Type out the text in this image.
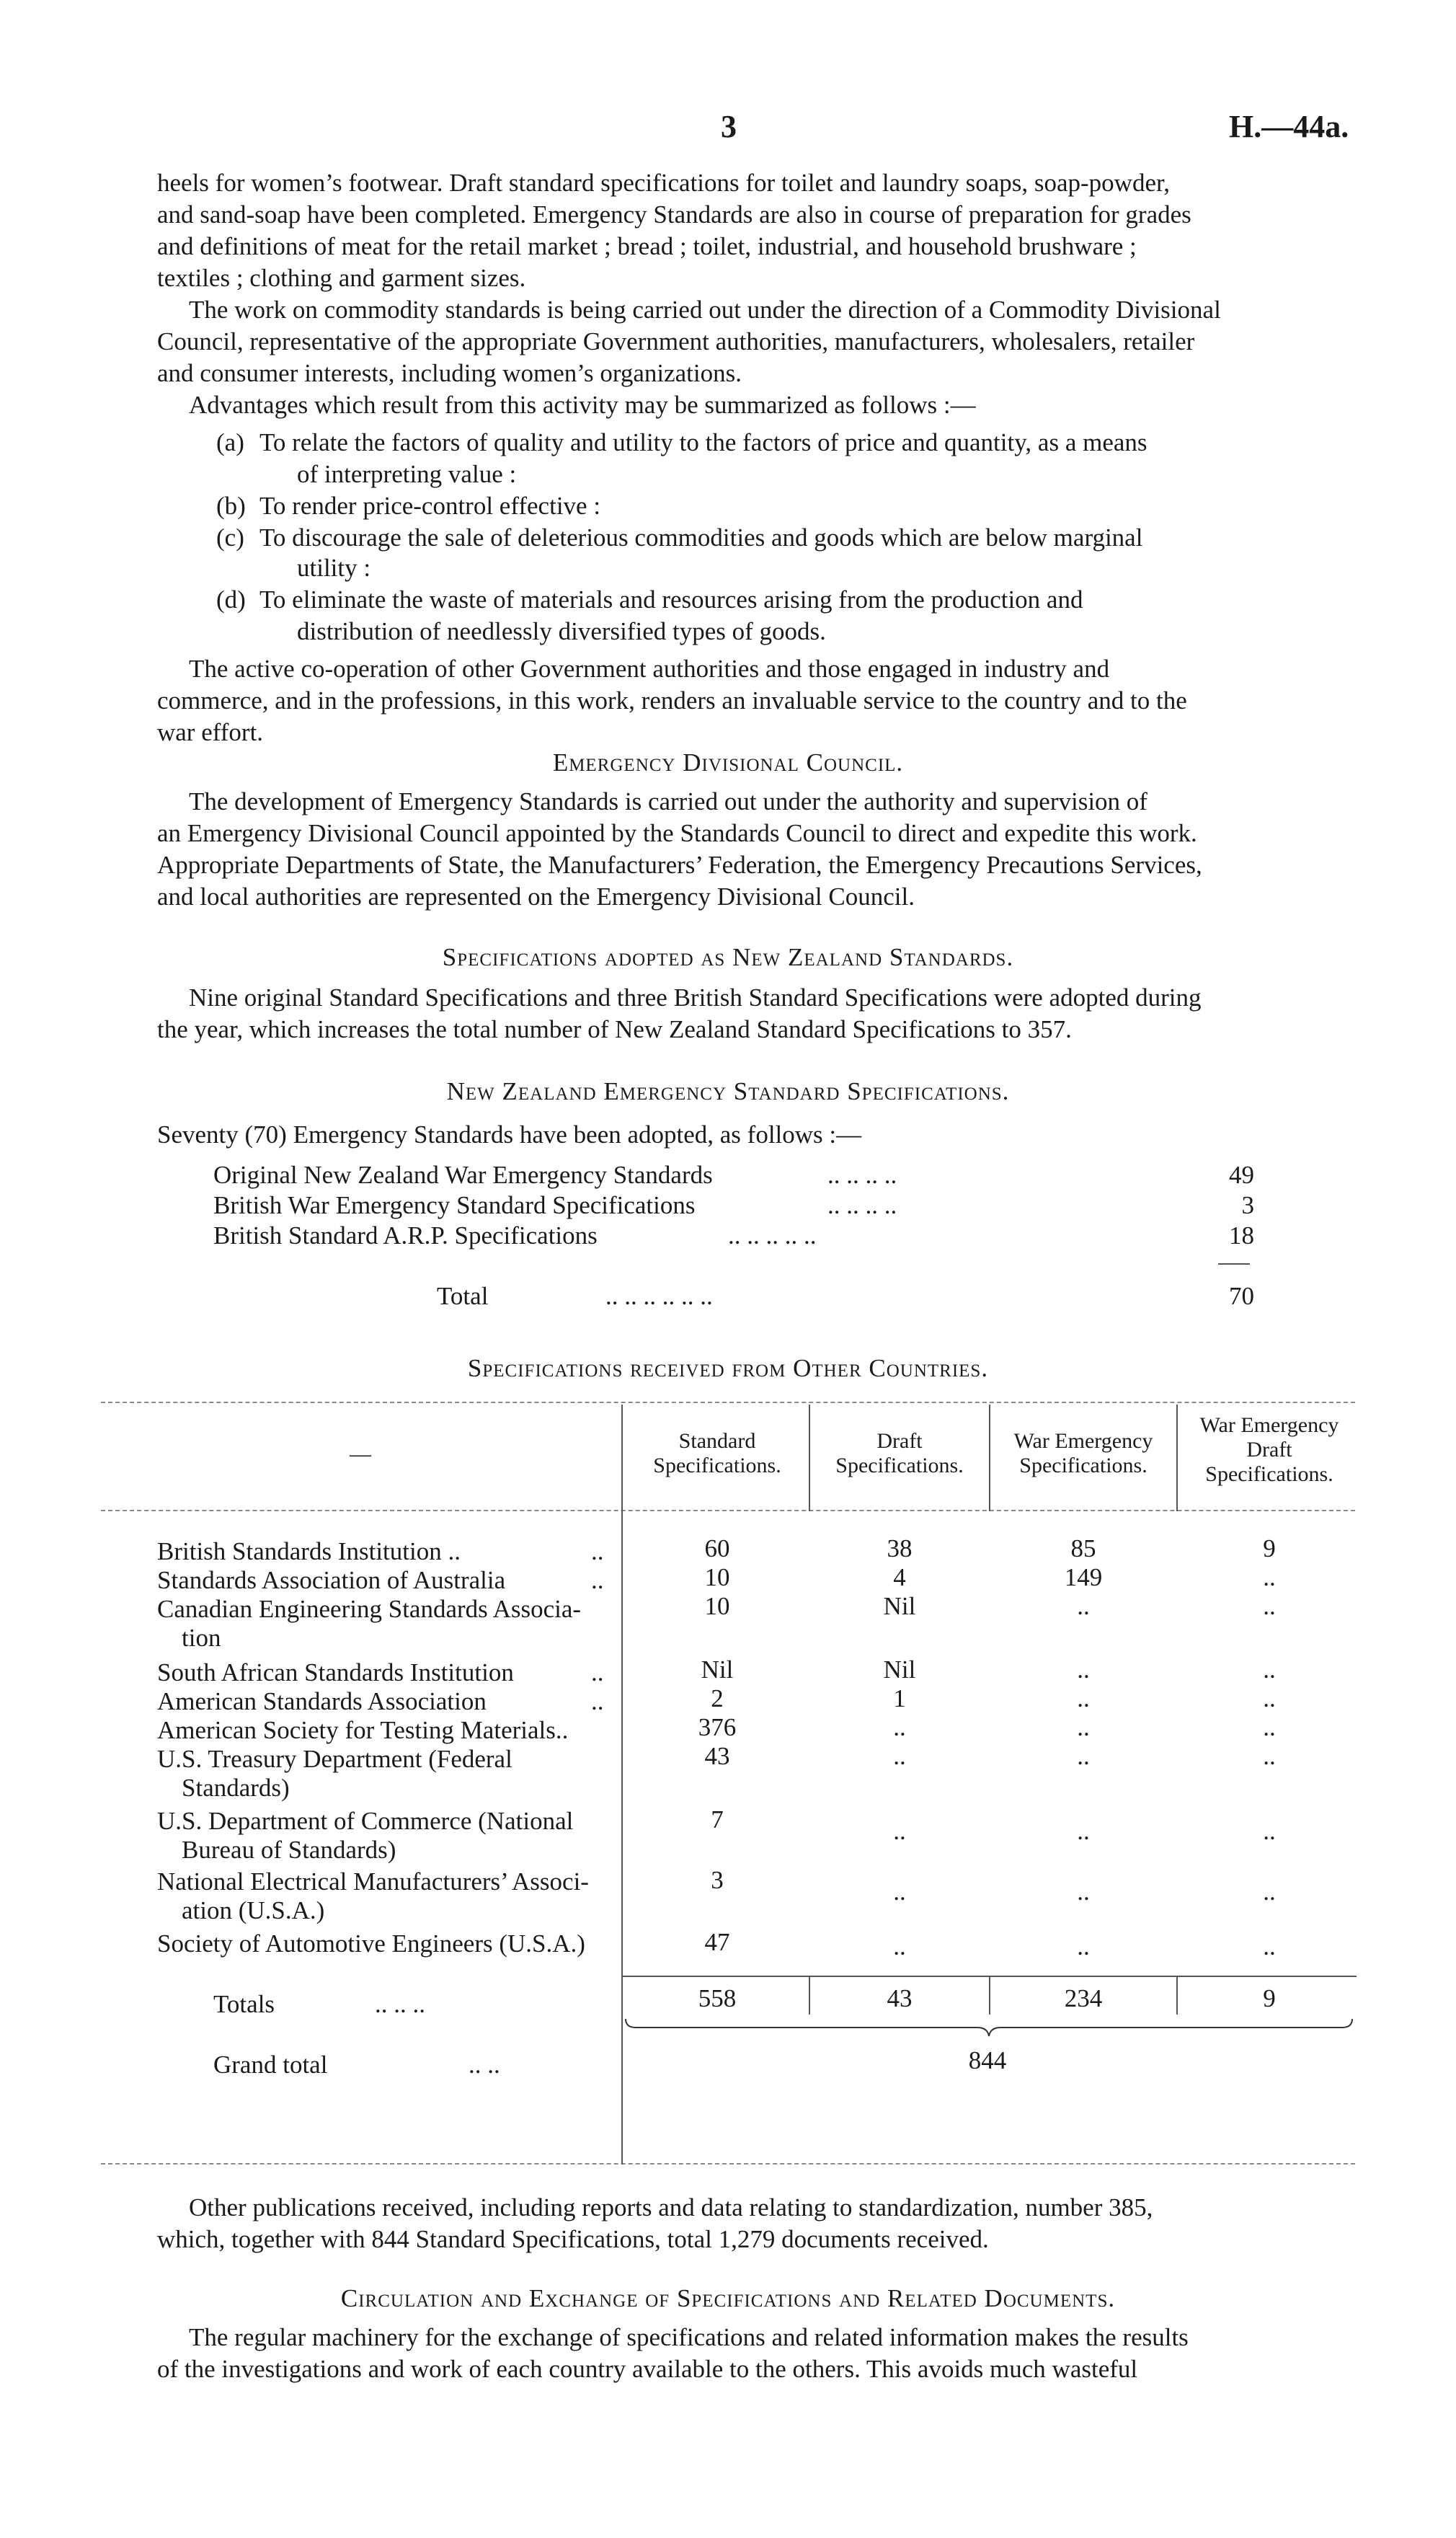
3	H.—44a.
heels for women’s footwear. Draft standard specifications for toilet and laundry soaps, soap-powder,
and sand-soap have been completed. Emergency Standards are also in course of preparation for grades
and definitions of meat for the retail market ; bread ; toilet, industrial, and household brushware ;
textiles ; clothing and garment sizes.
The work on commodity standards is being carried out under the direction of a Commodity Divisional
Council, representative of the appropriate Government authorities, manufacturers, wholesalers, retailer
and consumer interests, including women’s organizations.
Advantages which result from this activity may be summarized as follows :—
(a) To relate the factors of quality and utility to the factors of price and quantity, as a means
of interpreting value :
(b) To render price-control effective :
(c) To discourage the sale of deleterious commodities and goods which are below marginal
utility :
(d) To eliminate the waste of materials and resources arising from the production and
distribution of needlessly diversified types of goods.
The active co-operation of other Government authorities and those engaged in industry and
commerce, and in the professions, in this work, renders an invaluable service to the country and to the
war effort.
Emergency Divisional Council.
The development of Emergency Standards is carried out under the authority and supervision of
an Emergency Divisional Council appointed by the Standards Council to direct and expedite this work.
Appropriate Departments of State, the Manufacturers’ Federation, the Emergency Precautions Services,
and local authorities are represented on the Emergency Divisional Council.
Specifications adopted as New Zealand Standards.
Nine original Standard Specifications and three British Standard Specifications were adopted during
the year, which increases the total number of New Zealand Standard Specifications to 357.
New Zealand Emergency Standard Specifications.
Seventy (70) Emergency Standards have been adopted, as follows :—
Original New Zealand War Emergency Standards	.. .. .. ..	49
British War Emergency Standard Specifications	.. .. .. ..	3
British Standard A.R.P. Specifications	.. .. .. .. ..	18
Total	.. .. .. .. .. ..	70
Specifications received from Other Countries.
—
Standard Specifications.
Draft Specifications.
War Emergency Specifications.
War Emergency Draft Specifications.
British Standards Institution ..	..	60	38	85	9
Standards Association of Australia	..	10	4	149	..
Canadian Engineering Standards Associa-
tion
10	Nil	..	..
South African Standards Institution	..	Nil	Nil	..	..
American Standards Association	..	2	1	..	..
American Society for Testing Materials..	376	..	..	..
U.S. Treasury Department (Federal
Standards)
43	..	..	..
U.S. Department of Commerce (National
Bureau of Standards)
7	..	..	..
National Electrical Manufacturers’ Associ-
ation (U.S.A.)
3	..	..	..
Society of Automotive Engineers (U.S.A.)	47	..	..	..
Totals	.. .. ..	558	43	234	9
Grand total	.. ..	844
Other publications received, including reports and data relating to standardization, number 385,
which, together with 844 Standard Specifications, total 1,279 documents received.
Circulation and Exchange of Specifications and Related Documents.
The regular machinery for the exchange of specifications and related information makes the results
of the investigations and work of each country available to the others. This avoids much wasteful
